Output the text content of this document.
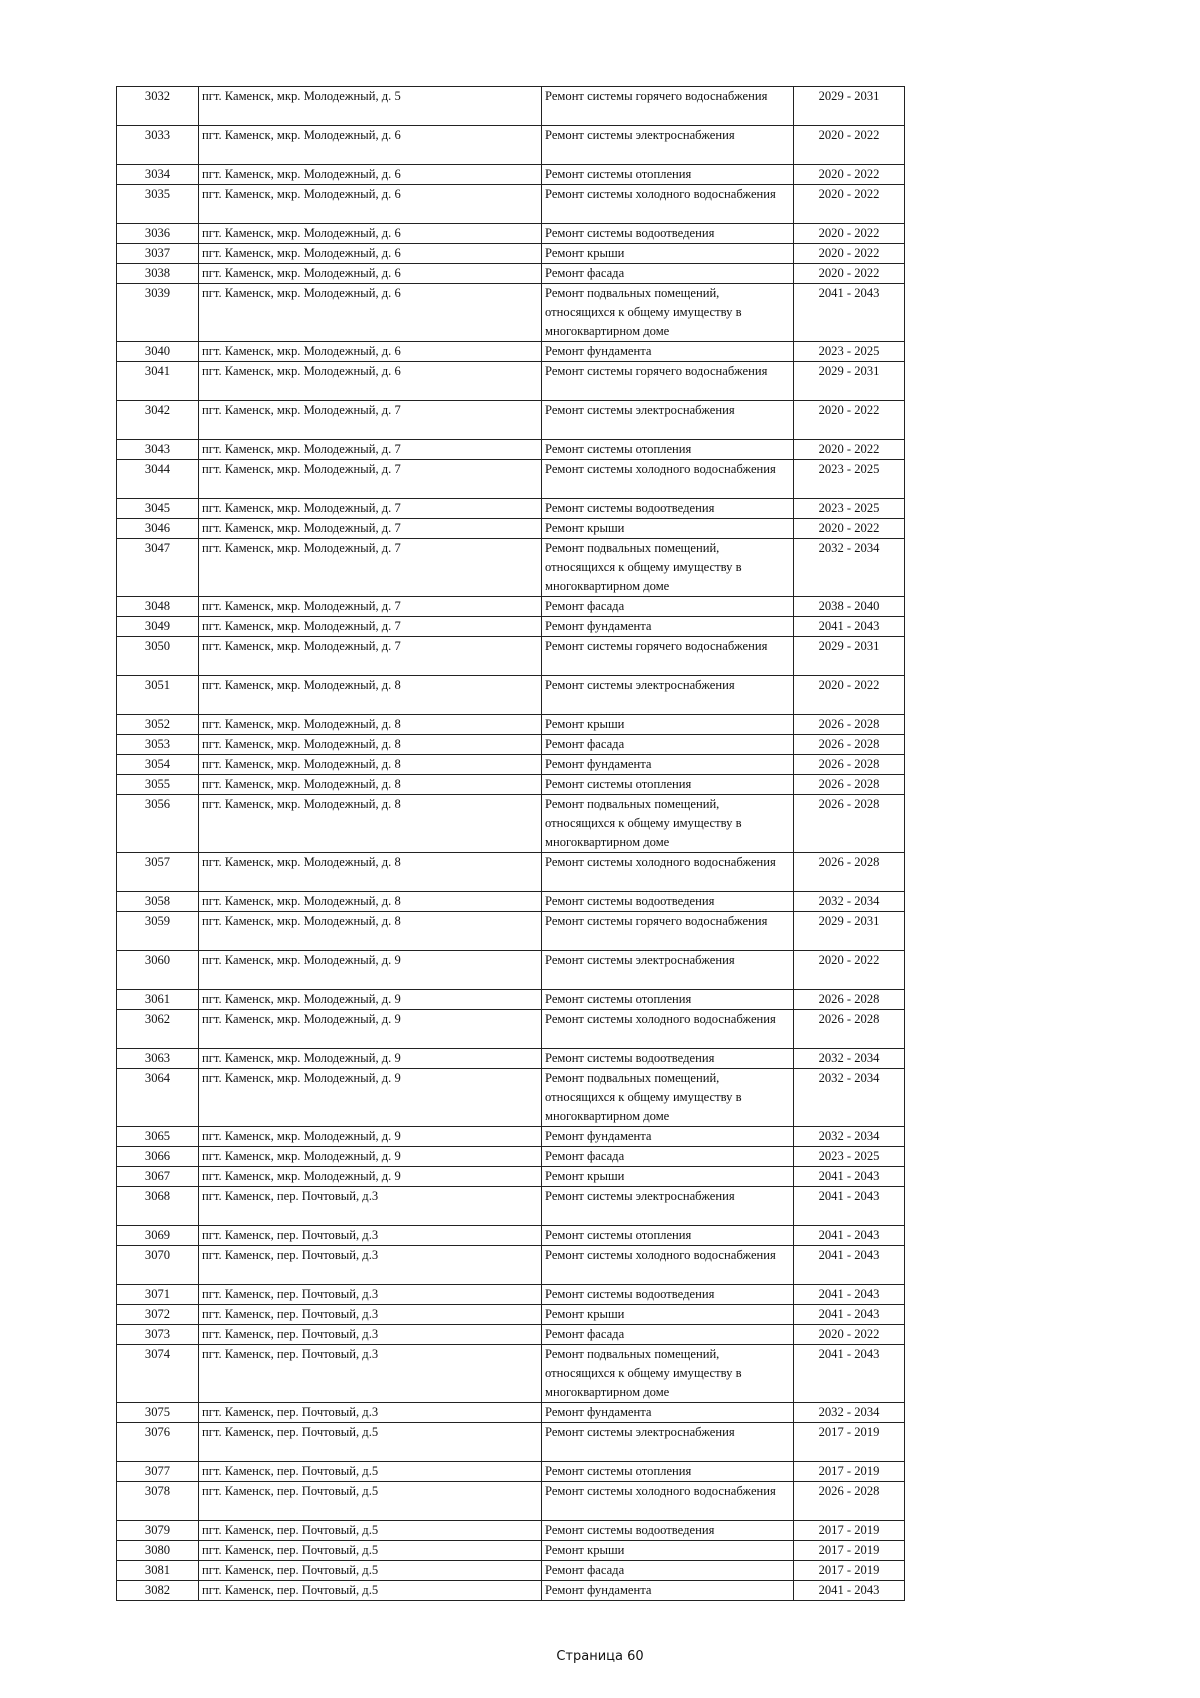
3032	пгт. Каменск, мкр. Молодежный, д. 5	Ремонт системы горячего водоснабжения	2029 - 2031
3033	пгт. Каменск, мкр. Молодежный, д. 6	Ремонт системы электроснабжения	2020 - 2022
3034	пгт. Каменск, мкр. Молодежный, д. 6	Ремонт системы отопления	2020 - 2022
3035	пгт. Каменск, мкр. Молодежный, д. 6	Ремонт системы холодного водоснабжения	2020 - 2022
3036	пгт. Каменск, мкр. Молодежный, д. 6	Ремонт системы водоотведения	2020 - 2022
3037	пгт. Каменск, мкр. Молодежный, д. 6	Ремонт крыши	2020 - 2022
3038	пгт. Каменск, мкр. Молодежный, д. 6	Ремонт фасада	2020 - 2022
3039	пгт. Каменск, мкр. Молодежный, д. 6	Ремонт подвальных помещений, относящихся к общему имуществу в многоквартирном доме	2041 - 2043
3040	пгт. Каменск, мкр. Молодежный, д. 6	Ремонт фундамента	2023 - 2025
3041	пгт. Каменск, мкр. Молодежный, д. 6	Ремонт системы горячего водоснабжения	2029 - 2031
3042	пгт. Каменск, мкр. Молодежный, д. 7	Ремонт системы электроснабжения	2020 - 2022
3043	пгт. Каменск, мкр. Молодежный, д. 7	Ремонт системы отопления	2020 - 2022
3044	пгт. Каменск, мкр. Молодежный, д. 7	Ремонт системы холодного водоснабжения	2023 - 2025
3045	пгт. Каменск, мкр. Молодежный, д. 7	Ремонт системы водоотведения	2023 - 2025
3046	пгт. Каменск, мкр. Молодежный, д. 7	Ремонт крыши	2020 - 2022
3047	пгт. Каменск, мкр. Молодежный, д. 7	Ремонт подвальных помещений, относящихся к общему имуществу в многоквартирном доме	2032 - 2034
3048	пгт. Каменск, мкр. Молодежный, д. 7	Ремонт фасада	2038 - 2040
3049	пгт. Каменск, мкр. Молодежный, д. 7	Ремонт фундамента	2041 - 2043
3050	пгт. Каменск, мкр. Молодежный, д. 7	Ремонт системы горячего водоснабжения	2029 - 2031
3051	пгт. Каменск, мкр. Молодежный, д. 8	Ремонт системы электроснабжения	2020 - 2022
3052	пгт. Каменск, мкр. Молодежный, д. 8	Ремонт крыши	2026 - 2028
3053	пгт. Каменск, мкр. Молодежный, д. 8	Ремонт фасада	2026 - 2028
3054	пгт. Каменск, мкр. Молодежный, д. 8	Ремонт фундамента	2026 - 2028
3055	пгт. Каменск, мкр. Молодежный, д. 8	Ремонт системы отопления	2026 - 2028
3056	пгт. Каменск, мкр. Молодежный, д. 8	Ремонт подвальных помещений, относящихся к общему имуществу в многоквартирном доме	2026 - 2028
3057	пгт. Каменск, мкр. Молодежный, д. 8	Ремонт системы холодного водоснабжения	2026 - 2028
3058	пгт. Каменск, мкр. Молодежный, д. 8	Ремонт системы водоотведения	2032 - 2034
3059	пгт. Каменск, мкр. Молодежный, д. 8	Ремонт системы горячего водоснабжения	2029 - 2031
3060	пгт. Каменск, мкр. Молодежный, д. 9	Ремонт системы электроснабжения	2020 - 2022
3061	пгт. Каменск, мкр. Молодежный, д. 9	Ремонт системы отопления	2026 - 2028
3062	пгт. Каменск, мкр. Молодежный, д. 9	Ремонт системы холодного водоснабжения	2026 - 2028
3063	пгт. Каменск, мкр. Молодежный, д. 9	Ремонт системы водоотведения	2032 - 2034
3064	пгт. Каменск, мкр. Молодежный, д. 9	Ремонт подвальных помещений, относящихся к общему имуществу в многоквартирном доме	2032 - 2034
3065	пгт. Каменск, мкр. Молодежный, д. 9	Ремонт фундамента	2032 - 2034
3066	пгт. Каменск, мкр. Молодежный, д. 9	Ремонт фасада	2023 - 2025
3067	пгт. Каменск, мкр. Молодежный, д. 9	Ремонт крыши	2041 - 2043
3068	пгт. Каменск, пер. Почтовый, д.3	Ремонт системы электроснабжения	2041 - 2043
3069	пгт. Каменск, пер. Почтовый, д.3	Ремонт системы отопления	2041 - 2043
3070	пгт. Каменск, пер. Почтовый, д.3	Ремонт системы холодного водоснабжения	2041 - 2043
3071	пгт. Каменск, пер. Почтовый, д.3	Ремонт системы водоотведения	2041 - 2043
3072	пгт. Каменск, пер. Почтовый, д.3	Ремонт крыши	2041 - 2043
3073	пгт. Каменск, пер. Почтовый, д.3	Ремонт фасада	2020 - 2022
3074	пгт. Каменск, пер. Почтовый, д.3	Ремонт подвальных помещений, относящихся к общему имуществу в многоквартирном доме	2041 - 2043
3075	пгт. Каменск, пер. Почтовый, д.3	Ремонт фундамента	2032 - 2034
3076	пгт. Каменск, пер. Почтовый, д.5	Ремонт системы электроснабжения	2017 - 2019
3077	пгт. Каменск, пер. Почтовый, д.5	Ремонт системы отопления	2017 - 2019
3078	пгт. Каменск, пер. Почтовый, д.5	Ремонт системы холодного водоснабжения	2026 - 2028
3079	пгт. Каменск, пер. Почтовый, д.5	Ремонт системы водоотведения	2017 - 2019
3080	пгт. Каменск, пер. Почтовый, д.5	Ремонт крыши	2017 - 2019
3081	пгт. Каменск, пер. Почтовый, д.5	Ремонт фасада	2017 - 2019
3082	пгт. Каменск, пер. Почтовый, д.5	Ремонт фундамента	2041 - 2043
Страница 60
